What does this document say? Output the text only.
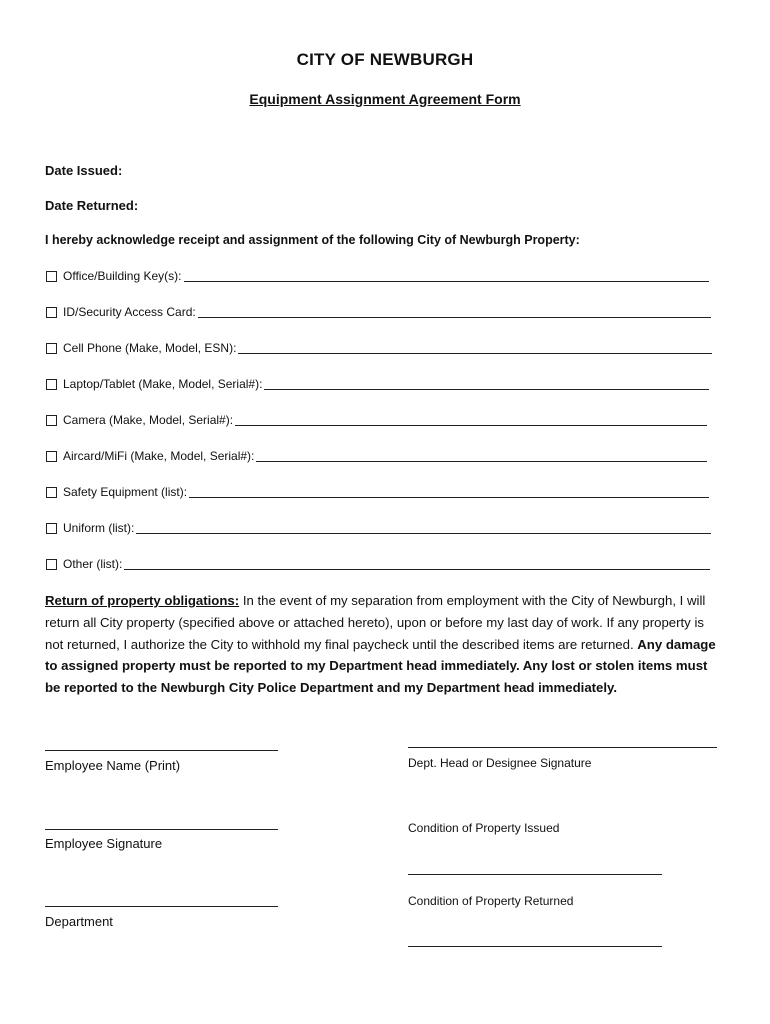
CITY OF NEWBURGH
Equipment Assignment Agreement Form
Date Issued:
Date Returned:
I hereby acknowledge receipt and assignment of the following City of Newburgh Property:
Office/Building Key(s):
ID/Security Access Card:
Cell Phone (Make, Model, ESN):
Laptop/Tablet (Make, Model, Serial#):
Camera (Make, Model, Serial#):
Aircard/MiFi (Make, Model, Serial#):
Safety Equipment (list):
Uniform (list):
Other (list):
Return of property obligations: In the event of my separation from employment with the City of Newburgh, I will return all City property (specified above or attached hereto), upon or before my last day of work. If any property is not returned, I authorize the City to withhold my final paycheck until the described items are returned. Any damage to assigned property must be reported to my Department head immediately. Any lost or stolen items must be reported to the Newburgh City Police Department and my Department head immediately.
Employee Name (Print)
Employee Signature
Department
Dept. Head or Designee Signature
Condition of Property Issued
Condition of Property Returned
